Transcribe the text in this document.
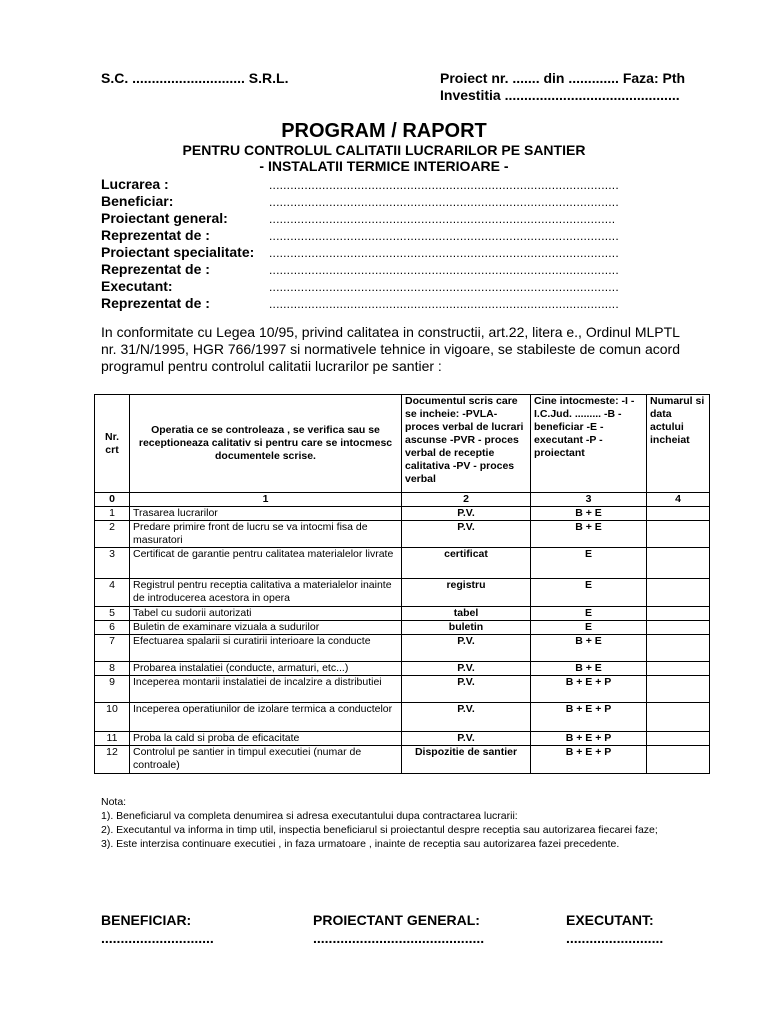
S.C. ............................. S.R.L.	Proiect nr. ....... din ............. Faza: Pth
Investitia .............................................
PROGRAM / RAPORT
PENTRU CONTROLUL CALITATII LUCRARILOR PE SANTIER
- INSTALATII TERMICE INTERIOARE -
Lucrarea :	...................................................................................................
Beneficiar:	...................................................................................................
Proiectant general:	..................................................................................................
Reprezentat de :	...................................................................................................
Proiectant specialitate: ...................................................................................................
Reprezentat de :	...................................................................................................
Executant:	...................................................................................................
Reprezentat de :	...................................................................................................
In conformitate cu Legea 10/95, privind calitatea in constructii, art.22, litera e., Ordinul MLPTL nr. 31/N/1995, HGR 766/1997 si normativele tehnice in vigoare, se stabileste de comun acord programul pentru controlul calitatii lucrarilor pe santier :
Nr. crt	Operatia ce se controleaza , se verifica sau se receptioneaza calitativ si pentru care se intocmesc documentele scrise.	Documentul scris care se incheie: -PVLA-proces verbal de lucrari ascunse -PVR - proces verbal de receptie calitativa -PV - proces verbal	Cine intocmeste: -I - I.C.Jud. ......... -B - beneficiar -E - executant -P - proiectant	Numarul si data actului incheiat
0	1	2	3	4
1	Trasarea lucrarilor	P.V.	B + E	
2	Predare primire front de lucru se va intocmi fisa de masuratori	P.V.	B + E	
3	Certificat de garantie pentru calitatea materialelor livrate	certificat	E	
4	Registrul pentru receptia calitativa a materialelor inainte de introducerea acestora in opera	registru	E	
5	Tabel cu sudorii autorizati	tabel	E	
6	Buletin de examinare vizuala a sudurilor	buletin	E	
7	Efectuarea spalarii si curatirii interioare la conducte	P.V.	B + E	
8	Probarea instalatiei (conducte, armaturi, etc...)	P.V.	B + E	
9	Inceperea montarii instalatiei de incalzire a distributiei	P.V.	B + E + P	
10	Inceperea operatiunilor de izolare termica a conductelor	P.V.	B + E + P	
11	Proba la cald si proba de eficacitate	P.V.	B + E + P	
12	Controlul pe santier in timpul executiei (numar de controale)	Dispozitie de santier	B + E + P	
Nota:
1). Beneficiarul va completa denumirea si adresa executantului dupa contractarea lucrarii:
2). Executantul va informa in timp util, inspectia beneficiarul si proiectantul despre receptia sau autorizarea fiecarei faze;
3). Este interzisa continuare executiei , in faza urmatoare , inainte de receptia sau autorizarea fazei precedente.
BENEFICIAR:
.............................
PROIECTANT GENERAL:
............................................
EXECUTANT:
.........................
